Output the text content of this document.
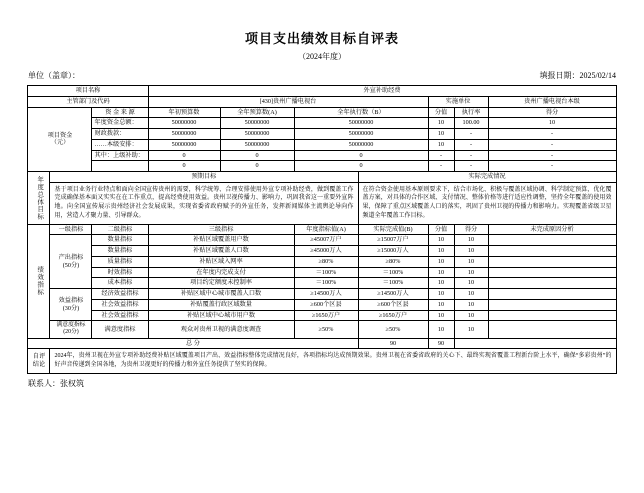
项目支出绩效目标自评表
（2024年度）
单位（盖章）：	填报日期：2025/02/14
项目名称			外宣补助经费						
主管部门及代码			[430]贵州广播电视台				实施单位		贵州广播电视台本级

项目资金
（元）		资 金 来 源	年初预算数	全年预算数(A)	全年执行数（B）		分值	执行率	得分
		年度资金总额：	50000000	50000000	50000000		10	100.00	10
		财政拨款：	50000000	50000000	50000000		10	-	-
		……本级安排：	50000000	50000000	50000000		10	-	-
		其中：上级补助：	0	0	0		-	-	-
			0	0	0		-	-	-

年度总体目标	预期目标					实际完成情况			
	基于项目业务行业特点和面向全国宣传贵州的需要，科学统筹、合理安排使用外宣专项补助经费，做到覆盖工作完成确保基本面又实实在在工作重点，提高经费使用效益。贵州卫视传播力、影响力，巩固我省这一重要外宣阵地。向全国宣传展示贵州经济社会发展成果，实现省委省政府赋予的外宣任务，发挥新闻媒体主流舆论导向作用，营造人才聚力量、引导群众。					在符合资金使用基本原则要求下，结合市场化、积极与覆盖区域协调、科学制定预算，优化覆盖方案，对具体的合作区域、支付情况、整体价格等进行适应性调整，坚持全年覆盖的使用效果，保障了重点区域覆盖人口的落实，巩固了贵州卫视的传播力和影响力。实现覆盖省级卫星频道全年覆盖工作目标。			

绩效指标	一级指标	二级指标	三级指标		年度指标值(A)	实际完成值(B)	分值	得分	未完成原因分析

	产出指标
(50分)	数量指标	补贴区域覆盖用户数		≥45007万户	≥15007万户	10	10	
		数量指标	补贴区域覆盖人口数		≥45000万人	≥15000万人	10	10	
		质量指标	补贴区域入网率		≥80%	≥80%	10	10	
		时效指标	在年度内完成支付		＝100%	＝100%	10	10	
		成本指标	项目约定额度未控制率		＝100%	＝100%	10	10	

	效益指标
(30分)	经济效益指标	补贴区域中心城市覆盖人口数		≥14500万人	≥14500万人	10	10	
		社会效益指标	补贴覆盖行政区域数量		≥600个区县	≥600个区县	10	10	
		社会效益指标	补贴区域中心城市用户数		≥1650万户	≥1650万户	10	10	

	满意度指标
(20分)	满意度指标	观众对贵州卫视的满意度调查		≥50%	≥50%	10	10	
总 分						90	90		

自评
结论	2024年，贵州卫视在外宣专项补助经费补贴区域覆盖项目产出、效益指标整体完成情况良好，各项指标均达成预期效果。贵州卫视在省委省政府的关心下、最终实现省覆盖工程新台阶上水平，确保“多彩贵州”的好声音传递到全国各地，为贵州卫视更好的传播力和外宣任务提供了坚实的保障。								
联系人：张权筑
